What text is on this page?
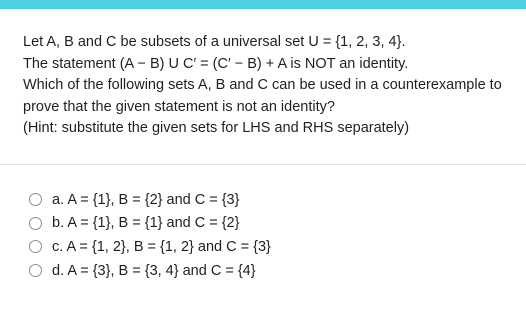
Let A, B and C be subsets of a universal set U = {1, 2, 3, 4}.
The statement (A − B) U C′ = (C′ − B) + A is NOT an identity.
Which of the following sets A, B and C can be used in a counterexample to
prove that the given statement is not an identity?
(Hint: substitute the given sets for LHS and RHS separately)
a. A = {1}, B = {2} and C = {3}
b. A = {1}, B = {1} and C = {2}
c. A = {1, 2}, B = {1, 2} and C = {3}
d. A = {3}, B = {3, 4} and C = {4}
